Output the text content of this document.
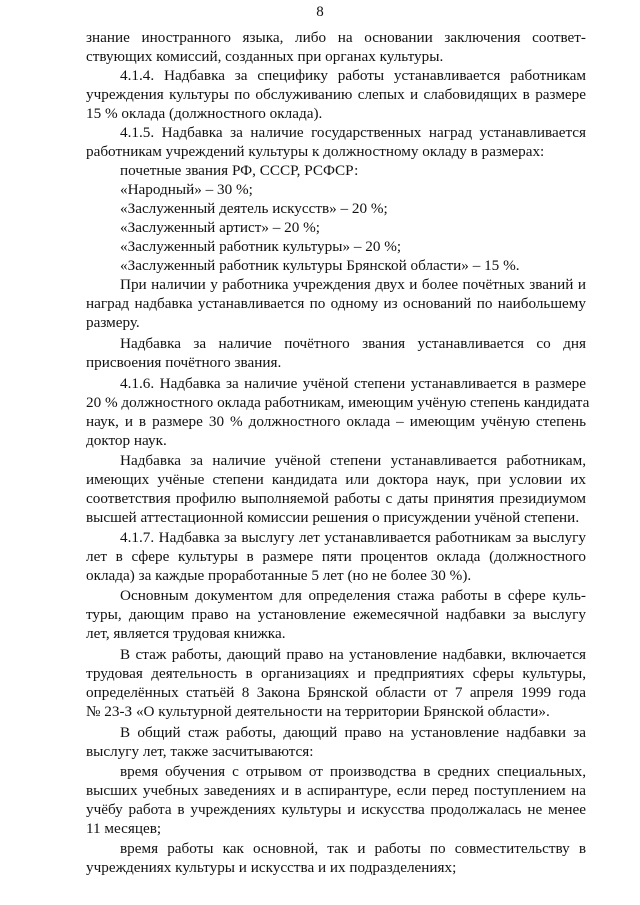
8
знание иностранного языка, либо на основании заключения соответ-
ствующих комиссий, созданных при органах культуры.
4.1.4. Надбавка за специфику работы устанавливается работникам
учреждения культуры по обслуживанию слепых и слабовидящих в размере
15 % оклада (должностного оклада).
4.1.5. Надбавка за наличие государственных наград устанавливается
работникам учреждений культуры к должностному окладу в размерах:
почетные звания РФ, СССР, РСФСР:
«Народный» – 30 %;
«Заслуженный деятель искусств» – 20 %;
«Заслуженный артист» – 20 %;
«Заслуженный работник культуры» – 20 %;
«Заслуженный работник культуры Брянской области» – 15 %.
При наличии у работника учреждения двух и более почётных званий и
наград надбавка устанавливается по одному из оснований по наибольшему
размеру.
Надбавка за наличие почётного звания устанавливается со дня
присвоения почётного звания.
4.1.6. Надбавка за наличие учёной степени устанавливается в размере
20 % должностного оклада работникам, имеющим учёную степень кандидата
наук, и в размере 30 % должностного оклада – имеющим учёную степень
доктор наук.
Надбавка за наличие учёной степени устанавливается работникам,
имеющих учёные степени кандидата или доктора наук, при условии их
соответствия профилю выполняемой работы с даты принятия президиумом
высшей аттестационной комиссии решения о присуждении учёной степени.
4.1.7. Надбавка за выслугу лет устанавливается работникам за выслугу
лет в сфере культуры в размере пяти процентов оклада (должностного
оклада) за каждые проработанные 5 лет (но не более 30 %).
Основным документом для определения стажа работы в сфере куль-
туры, дающим право на установление ежемесячной надбавки за выслугу
лет, является трудовая книжка.
В стаж работы, дающий право на установление надбавки, включается
трудовая деятельность в организациях и предприятиях сферы культуры,
определённых статьёй 8 Закона Брянской области от 7 апреля 1999 года
№ 23-З «О культурной деятельности на территории Брянской области».
В общий стаж работы, дающий право на установление надбавки за
выслугу лет, также засчитываются:
время обучения с отрывом от производства в средних специальных,
высших учебных заведениях и в аспирантуре, если перед поступлением на
учёбу работа в учреждениях культуры и искусства продолжалась не менее
11 месяцев;
время работы как основной, так и работы по совместительству в
учреждениях культуры и искусства и их подразделениях;
